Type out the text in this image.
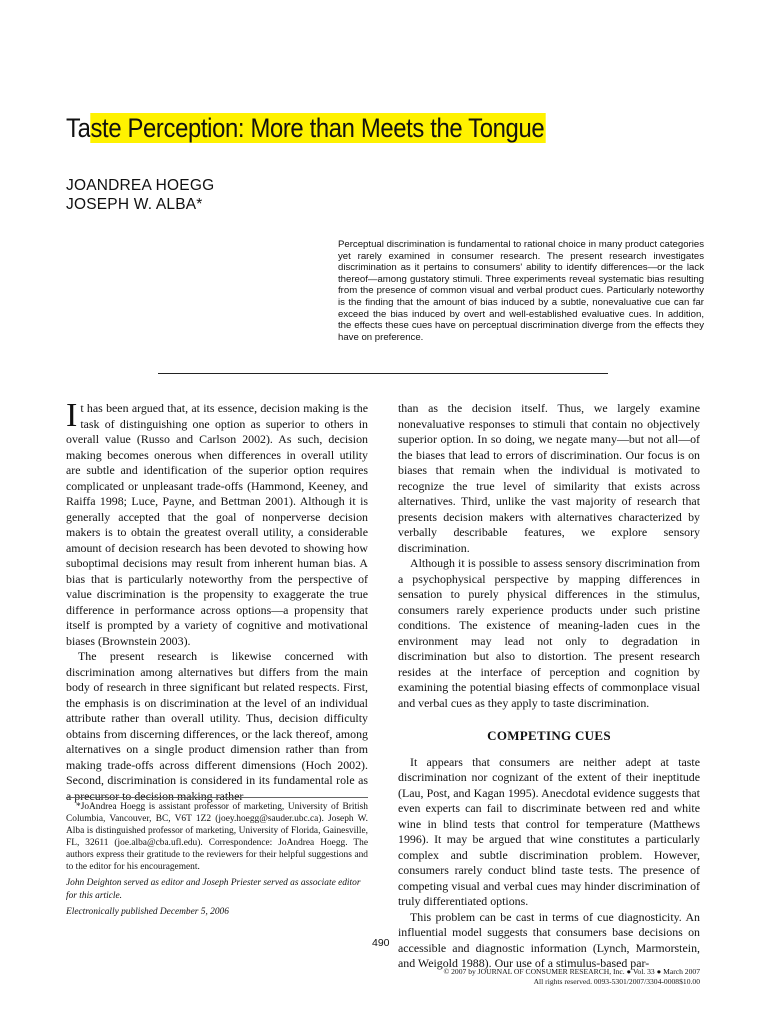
Taste Perception: More than Meets the Tongue
JOANDREA HOEGG
JOSEPH W. ALBA*

Perceptual discrimination is fundamental to rational choice in many product categories yet rarely examined in consumer research. The present research investigates discrimination as it pertains to consumers' ability to identify differences—or the lack thereof—among gustatory stimuli. Three experiments reveal systematic bias resulting from the presence of common visual and verbal product cues. Particularly noteworthy is the finding that the amount of bias induced by a subtle, nonevaluative cue can far exceed the bias induced by overt and well-established evaluative cues. In addition, the effects these cues have on perceptual discrimination diverge from the effects they have on preference.

It has been argued that, at its essence, decision making is the task of distinguishing one option as superior to others in overall value (Russo and Carlson 2002). As such, decision making becomes onerous when differences in overall utility are subtle and identification of the superior option requires complicated or unpleasant trade-offs (Hammond, Keeney, and Raiffa 1998; Luce, Payne, and Bettman 2001). Although it is generally accepted that the goal of nonperverse decision makers is to obtain the greatest overall utility, a considerable amount of decision research has been devoted to showing how suboptimal decisions may result from inherent human bias. A bias that is particularly noteworthy from the perspective of value discrimination is the propensity to exaggerate the true difference in performance across options—a propensity that itself is prompted by a variety of cognitive and motivational biases (Brownstein 2003).

The present research is likewise concerned with discrimination among alternatives but differs from the main body of research in three significant but related respects. First, the emphasis is on discrimination at the level of an individual attribute rather than overall utility. Thus, decision difficulty obtains from discerning differences, or the lack thereof, among alternatives on a single product dimension rather than from making trade-offs across different dimensions (Hoch 2002). Second, discrimination is considered in its fundamental role as a precursor to decision making rather

*JoAndrea Hoegg is assistant professor of marketing, University of British Columbia, Vancouver, BC, V6T 1Z2 (joey.hoegg@sauder.ubc.ca). Joseph W. Alba is distinguished professor of marketing, University of Florida, Gainesville, FL, 32611 (joe.alba@cba.ufl.edu). Correspondence: JoAndrea Hoegg. The authors express their gratitude to the reviewers for their helpful suggestions and to the editor for his encouragement.

John Deighton served as editor and Joseph Priester served as associate editor for this article.

Electronically published December 5, 2006

than as the decision itself. Thus, we largely examine nonevaluative responses to stimuli that contain no objectively superior option. In so doing, we negate many—but not all—of the biases that lead to errors of discrimination. Our focus is on biases that remain when the individual is motivated to recognize the true level of similarity that exists across alternatives. Third, unlike the vast majority of research that presents decision makers with alternatives characterized by verbally describable features, we explore sensory discrimination.

Although it is possible to assess sensory discrimination from a psychophysical perspective by mapping differences in sensation to purely physical differences in the stimulus, consumers rarely experience products under such pristine conditions. The existence of meaning-laden cues in the environment may lead not only to degradation in discrimination but also to distortion. The present research resides at the interface of perception and cognition by examining the potential biasing effects of commonplace visual and verbal cues as they apply to taste discrimination.

COMPETING CUES

It appears that consumers are neither adept at taste discrimination nor cognizant of the extent of their ineptitude (Lau, Post, and Kagan 1995). Anecdotal evidence suggests that even experts can fail to discriminate between red and white wine in blind tests that control for temperature (Matthews 1996). It may be argued that wine constitutes a particularly complex and subtle discrimination problem. However, consumers rarely conduct blind taste tests. The presence of competing visual and verbal cues may hinder discrimination of truly differentiated options.

This problem can be cast in terms of cue diagnosticity. An influential model suggests that consumers base decisions on accessible and diagnostic information (Lynch, Marmorstein, and Weigold 1988). Our use of a stimulus-based par-

490
© 2007 by JOURNAL OF CONSUMER RESEARCH, Inc. ● Vol. 33 ● March 2007
All rights reserved. 0093-5301/2007/3304-0008$10.00
